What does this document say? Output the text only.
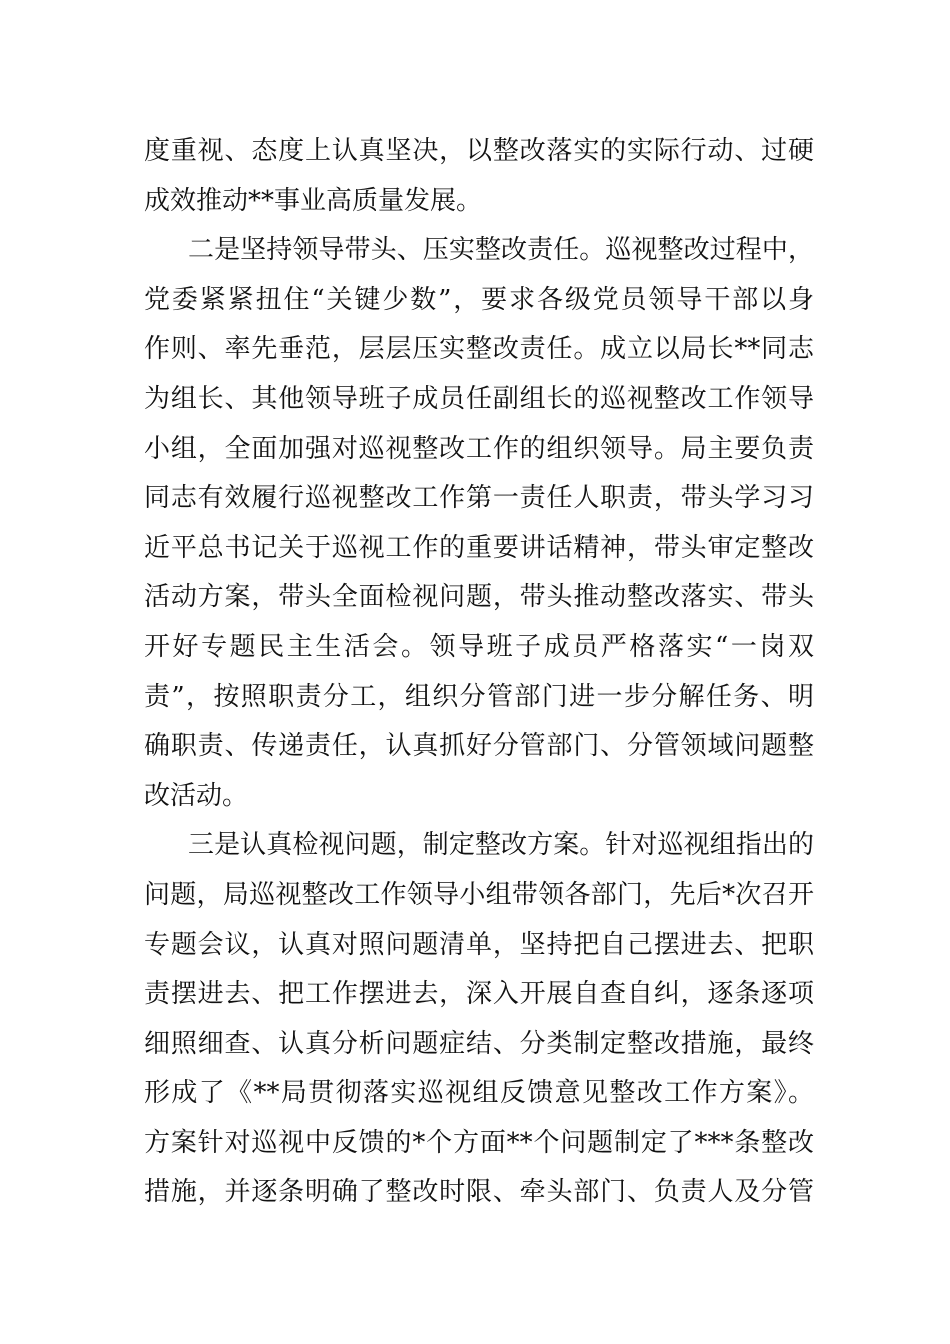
度重视、态度上认真坚决，以整改落实的实际行动、过硬
成效推动**事业高质量发展。
二是坚持领导带头、压实整改责任。巡视整改过程中，
党委紧紧扭住“关键少数”，要求各级党员领导干部以身
作则、率先垂范，层层压实整改责任。成立以局长**同志
为组长、其他领导班子成员任副组长的巡视整改工作领导
小组，全面加强对巡视整改工作的组织领导。局主要负责
同志有效履行巡视整改工作第一责任人职责，带头学习习
近平总书记关于巡视工作的重要讲话精神，带头审定整改
活动方案，带头全面检视问题，带头推动整改落实、带头
开好专题民主生活会。领导班子成员严格落实“一岗双
责”，按照职责分工，组织分管部门进一步分解任务、明
确职责、传递责任，认真抓好分管部门、分管领域问题整
改活动。
三是认真检视问题，制定整改方案。针对巡视组指出的
问题，局巡视整改工作领导小组带领各部门，先后*次召开
专题会议，认真对照问题清单，坚持把自己摆进去、把职
责摆进去、把工作摆进去，深入开展自查自纠，逐条逐项
细照细查、认真分析问题症结、分类制定整改措施，最终
形成了《**局贯彻落实巡视组反馈意见整改工作方案》。
方案针对巡视中反馈的*个方面**个问题制定了***条整改
措施，并逐条明确了整改时限、牵头部门、负责人及分管
